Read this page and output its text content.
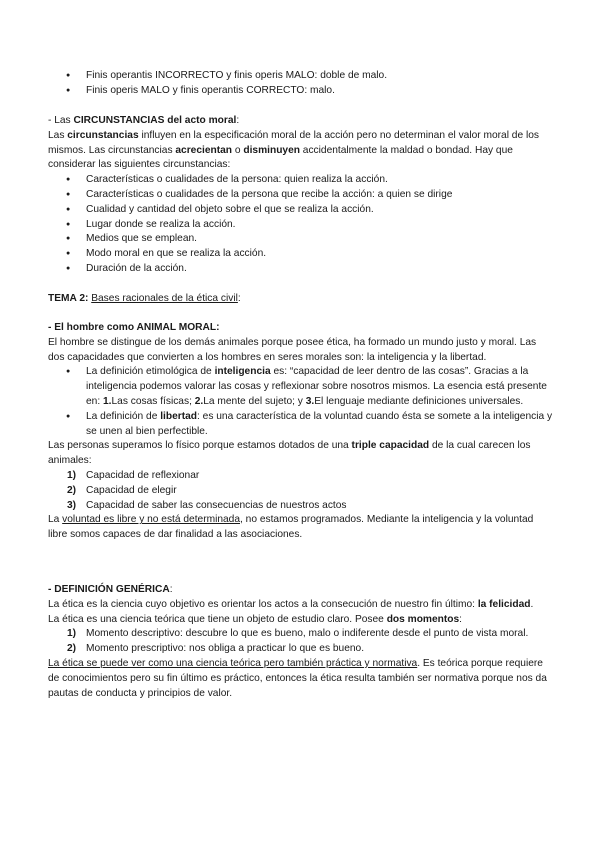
● Finis operantis INCORRECTO y finis operis MALO: doble de malo.
● Finis operis MALO y finis operantis CORRECTO: malo.

- Las CIRCUNSTANCIAS del acto moral:

Las circunstancias influyen en la especificación moral de la acción pero no determinan el valor moral de los mismos. Las circunstancias acrecientan o disminuyen accidentalmente la maldad o bondad. Hay que considerar las siguientes circunstancias:

● Características o cualidades de la persona: quien realiza la acción.
● Características o cualidades de la persona que recibe la acción: a quien se dirige
● Cualidad y cantidad del objeto sobre el que se realiza la acción.
● Lugar donde se realiza la acción.
● Medios que se emplean.
● Modo moral en que se realiza la acción.
● Duración de la acción.

TEMA 2: Bases racionales de la ética civil:

- El hombre como ANIMAL MORAL:

El hombre se distingue de los demás animales porque posee ética, ha formado un mundo justo y moral. Las dos capacidades que convierten a los hombres en seres morales son: la inteligencia y la libertad.

● La definición etimológica de inteligencia es: “capacidad de leer dentro de las cosas”. Gracias a la inteligencia podemos valorar las cosas y reflexionar sobre nosotros mismos. La esencia está presente en: 1.Las cosas físicas; 2.La mente del sujeto; y 3.El lenguaje mediante definiciones universales.
● La definición de libertad: es una característica de la voluntad cuando ésta se somete a la inteligencia y se unen al bien perfectible.

Las personas superamos lo físico porque estamos dotados de una triple capacidad de la cual carecen los animales:

1) Capacidad de reflexionar
2) Capacidad de elegir
3) Capacidad de saber las consecuencias de nuestros actos

La voluntad es libre y no está determinada, no estamos programados. Mediante la inteligencia y la voluntad libre somos capaces de dar finalidad a las asociaciones.

- DEFINICIÓN GENÉRICA:

La ética es la ciencia cuyo objetivo es orientar los actos a la consecución de nuestro fin último: la felicidad.

La ética es una ciencia teórica que tiene un objeto de estudio claro. Posee dos momentos:

1) Momento descriptivo: descubre lo que es bueno, malo o indiferente desde el punto de vista moral.
2) Momento prescriptivo: nos obliga a practicar lo que es bueno.

La ética se puede ver como una ciencia teórica pero también práctica y normativa. Es teórica porque requiere de conocimientos pero su fin último es práctico, entonces la ética resulta también ser normativa porque nos da pautas de conducta y principios de valor.
